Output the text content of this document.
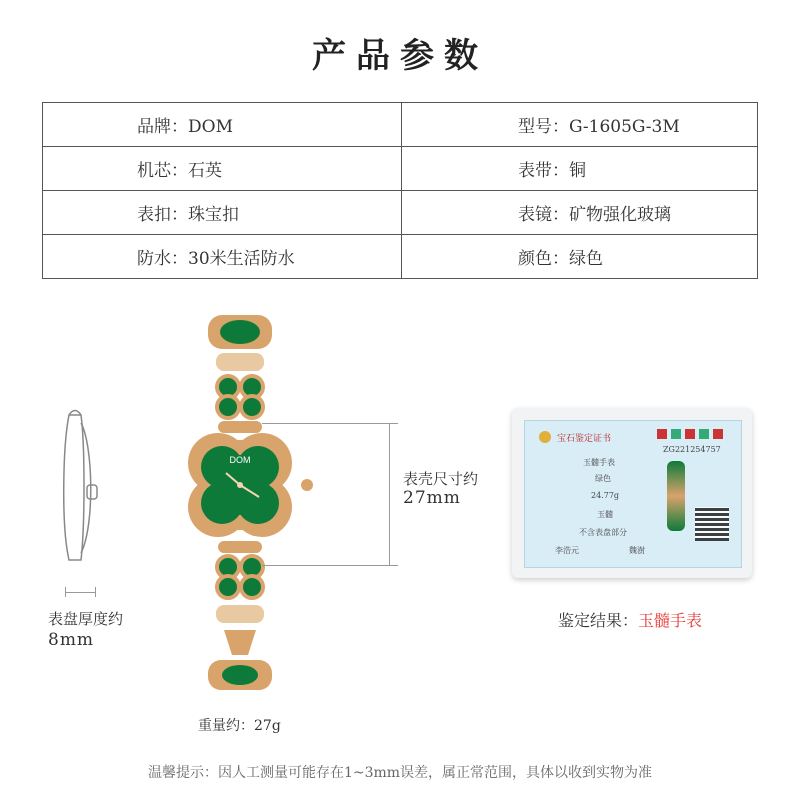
产品参数
品牌：DOM	型号：G-1605G-3M
机芯：石英	表带：铜
表扣：珠宝扣	表镜：矿物强化玻璃
防水：30米生活防水	颜色：绿色
表盘厚度约
8mm
DOM
表壳尺寸约
27mm
重量约：27g
宝石鉴定证书
ZG221254757
玉髓手表
绿色
24.77g
玉髓
不含表盘部分
李浩元	魏澍
鉴定结果：玉髓手表
温馨提示：因人工测量可能存在1~3mm误差，属正常范围，具体以收到实物为准
